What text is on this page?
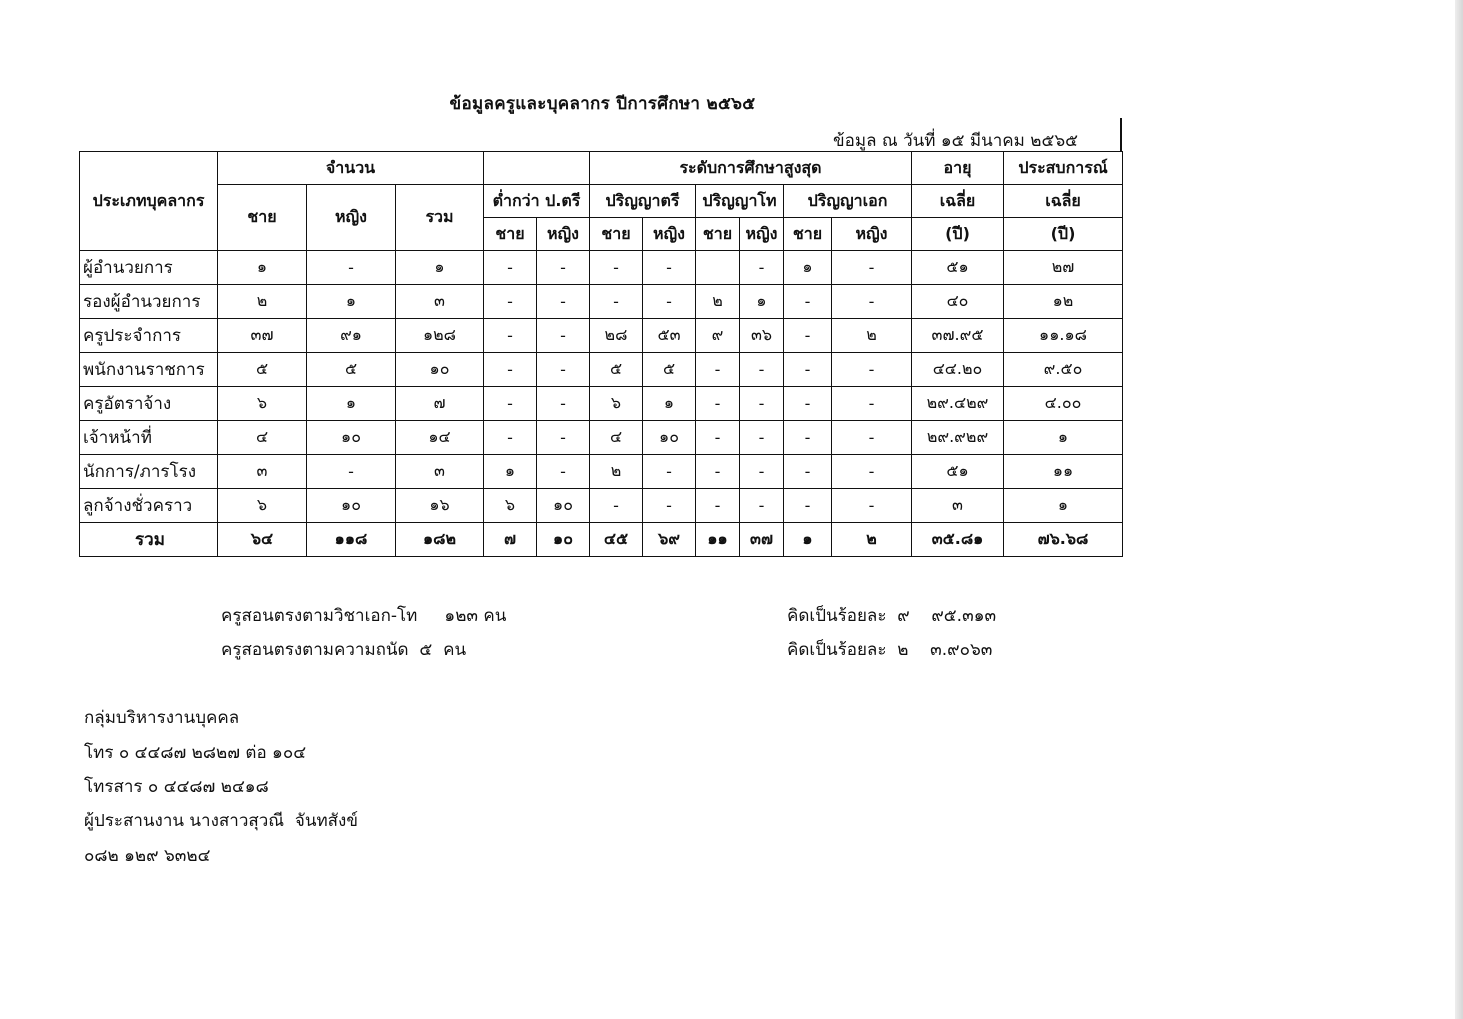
ข้อมูลครูและบุคลากร ปีการศึกษา ๒๕๖๕
ข้อมูล ณ วันที่ ๑๕ มีนาคม ๒๕๖๕
ประเภทบุคลากร	จำนวน					ระดับการศึกษาสูงสุด						อายุ	ประสบการณ์
	ชาย	หญิง	รวม	ต่ำกว่า ป.ตรี		ปริญญาตรี		ปริญญาโท		ปริญญาเอก		เฉลี่ย	เฉลี่ย
				ชาย	หญิง	ชาย	หญิง	ชาย	หญิง	ชาย	หญิง	(ปี)	(ปี)
ผู้อำนวยการ	๑	-	๑	-	-	-	-		-	๑	-	๕๑	๒๗
รองผู้อำนวยการ	๒	๑	๓	-	-	-	-	๒	๑	-	-	๔๐	๑๒
ครูประจำการ	๓๗	๙๑	๑๒๘	-	-	๒๘	๕๓	๙	๓๖	-	๒	๓๗.๙๕	๑๑.๑๘
พนักงานราชการ	๕	๕	๑๐	-	-	๕	๕	-	-	-	-	๔๔.๒๐	๙.๕๐
ครูอัตราจ้าง	๖	๑	๗	-	-	๖	๑	-	-	-	-	๒๙.๔๒๙	๔.๐๐
เจ้าหน้าที่	๔	๑๐	๑๔	-	-	๔	๑๐	-	-	-	-	๒๙.๙๒๙	๑
นักการ/ภารโรง	๓	-	๓	๑	-	๒	-	-	-	-	-	๕๑	๑๑
ลูกจ้างชั่วคราว	๖	๑๐	๑๖	๖	๑๐	-	-	-	-	-	-	๓	๑
รวม	๖๔	๑๑๘	๑๘๒	๗	๑๐	๔๕	๖๙	๑๑	๓๗	๑	๒	๓๕.๘๑	๗๖.๖๘
ครูสอนตรงตามวิชาเอก-โท     ๑๒๓ คน	คิดเป็นร้อยละ  ๙    ๙๕.๓๑๓
ครูสอนตรงตามความถนัด  ๕  คน	คิดเป็นร้อยละ  ๒    ๓.๙๐๖๓
กลุ่มบริหารงานบุคคล
โทร ๐ ๔๔๘๗ ๒๘๒๗ ต่อ ๑๐๔
โทรสาร ๐ ๔๔๘๗ ๒๔๑๘
ผู้ประสานงาน นางสาวสุวณี  จันทสังข์
๐๘๒ ๑๒๙ ๖๓๒๔
